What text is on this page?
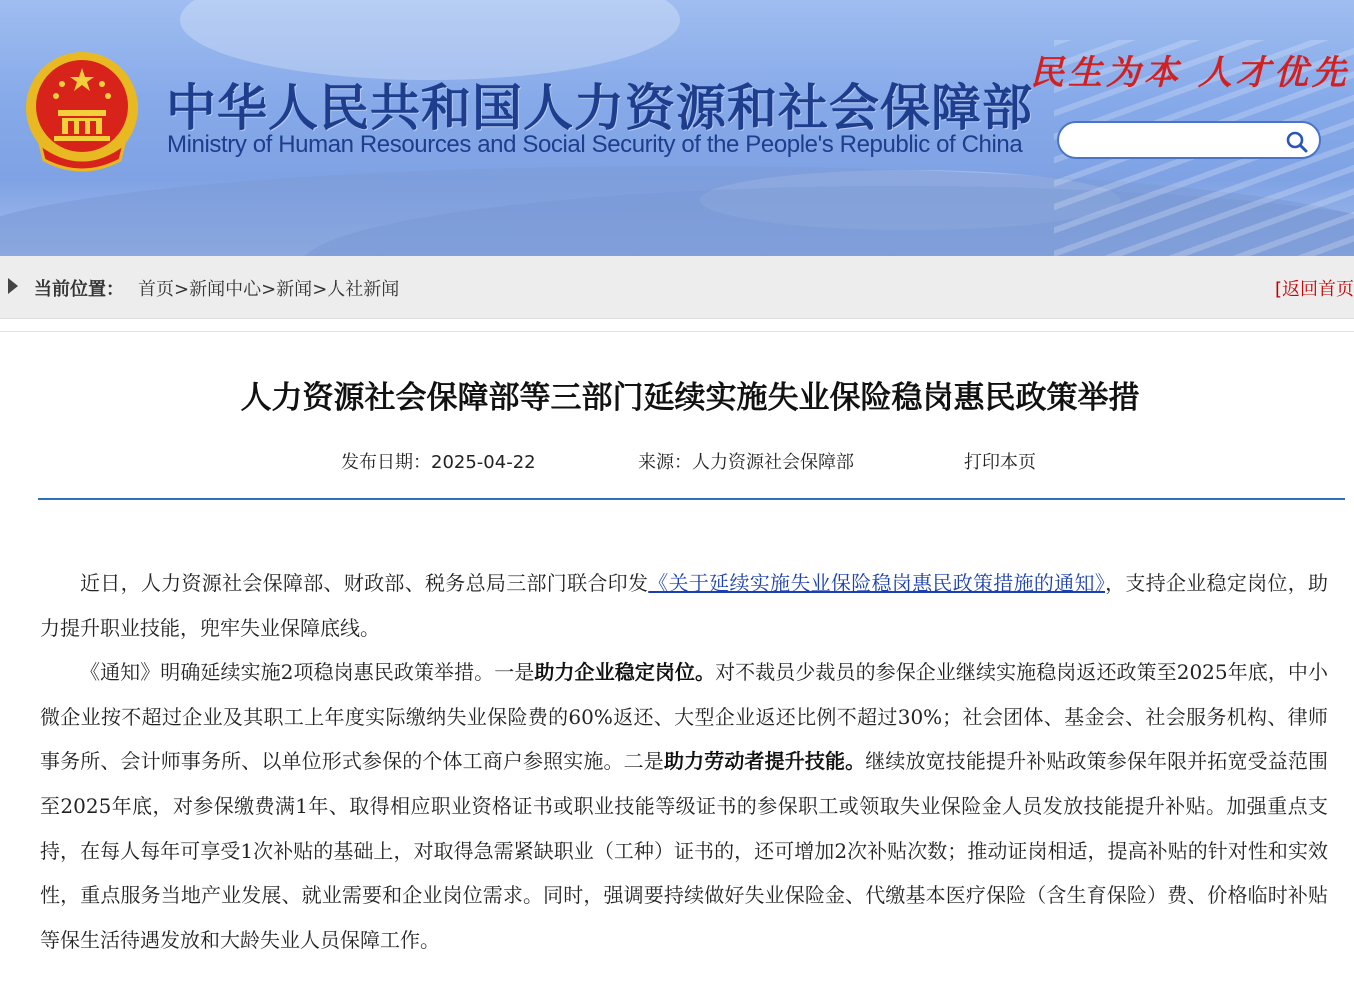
中华人民共和国人力资源和社会保障部
Ministry of Human Resources and Social Security of the People's Republic of China
民生为本 人才优先
当前位置： 首页>新闻中心>新闻>人社新闻	[返回首页
人力资源社会保障部等三部门延续实施失业保险稳岗惠民政策举措
发布日期：2025-04-22	来源：人力资源社会保障部	打印本页

近日，人力资源社会保障部、财政部、税务总局三部门联合印发《关于延续实施失业保险稳岗惠民政策措施的通知》，支持企业稳定岗位，助力提升职业技能，兜牢失业保障底线。

《通知》明确延续实施2项稳岗惠民政策举措。一是助力企业稳定岗位。对不裁员少裁员的参保企业继续实施稳岗返还政策至2025年底，中小微企业按不超过企业及其职工上年度实际缴纳失业保险费的60%返还、大型企业返还比例不超过30%；社会团体、基金会、社会服务机构、律师事务所、会计师事务所、以单位形式参保的个体工商户参照实施。二是助力劳动者提升技能。继续放宽技能提升补贴政策参保年限并拓宽受益范围至2025年底，对参保缴费满1年、取得相应职业资格证书或职业技能等级证书的参保职工或领取失业保险金人员发放技能提升补贴。加强重点支持，在每人每年可享受1次补贴的基础上，对取得急需紧缺职业（工种）证书的，还可增加2次补贴次数；推动证岗相适，提高补贴的针对性和实效性，重点服务当地产业发展、就业需要和企业岗位需求。同时，强调要持续做好失业保险金、代缴基本医疗保险（含生育保险）费、价格临时补贴等保生活待遇发放和大龄失业人员保障工作。
